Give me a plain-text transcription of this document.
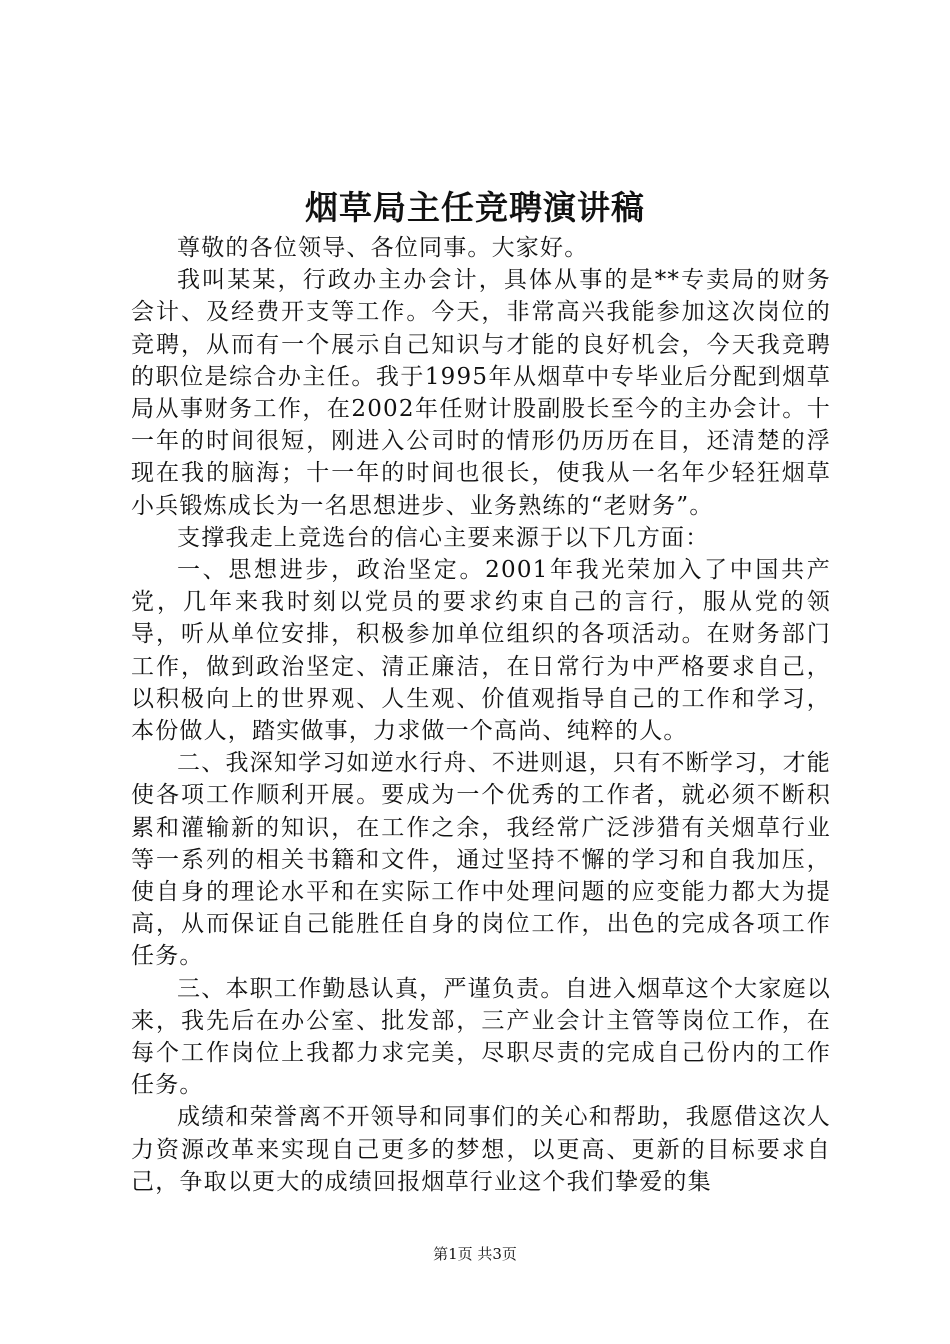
烟草局主任竞聘演讲稿

尊敬的各位领导、各位同事。大家好。

我叫某某，行政办主办会计，具体从事的是**专卖局的财务会计、及经费开支等工作。今天，非常高兴我能参加这次岗位的竞聘，从而有一个展示自己知识与才能的良好机会，今天我竞聘的职位是综合办主任。我于1995年从烟草中专毕业后分配到烟草局从事财务工作，在2002年任财计股副股长至今的主办会计。十一年的时间很短，刚进入公司时的情形仍历历在目，还清楚的浮现在我的脑海；十一年的时间也很长，使我从一名年少轻狂烟草小兵锻炼成长为一名思想进步、业务熟练的“老财务”。

支撑我走上竞选台的信心主要来源于以下几方面：

一、思想进步，政治坚定。2001年我光荣加入了中国共产党，几年来我时刻以党员的要求约束自己的言行，服从党的领导，听从单位安排，积极参加单位组织的各项活动。在财务部门工作，做到政治坚定、清正廉洁，在日常行为中严格要求自己，以积极向上的世界观、人生观、价值观指导自己的工作和学习，本份做人，踏实做事，力求做一个高尚、纯粹的人。

二、我深知学习如逆水行舟、不进则退，只有不断学习，才能使各项工作顺利开展。要成为一个优秀的工作者，就必须不断积累和灌输新的知识，在工作之余，我经常广泛涉猎有关烟草行业等一系列的相关书籍和文件，通过坚持不懈的学习和自我加压，使自身的理论水平和在实际工作中处理问题的应变能力都大为提高，从而保证自己能胜任自身的岗位工作，出色的完成各项工作任务。

三、本职工作勤恳认真，严谨负责。自进入烟草这个大家庭以来，我先后在办公室、批发部，三产业会计主管等岗位工作，在每个工作岗位上我都力求完美，尽职尽责的完成自己份内的工作任务。

成绩和荣誉离不开领导和同事们的关心和帮助，我愿借这次人力资源改革来实现自己更多的梦想，以更高、更新的目标要求自己，争取以更大的成绩回报烟草行业这个我们挚爱的集

第1页 共3页
